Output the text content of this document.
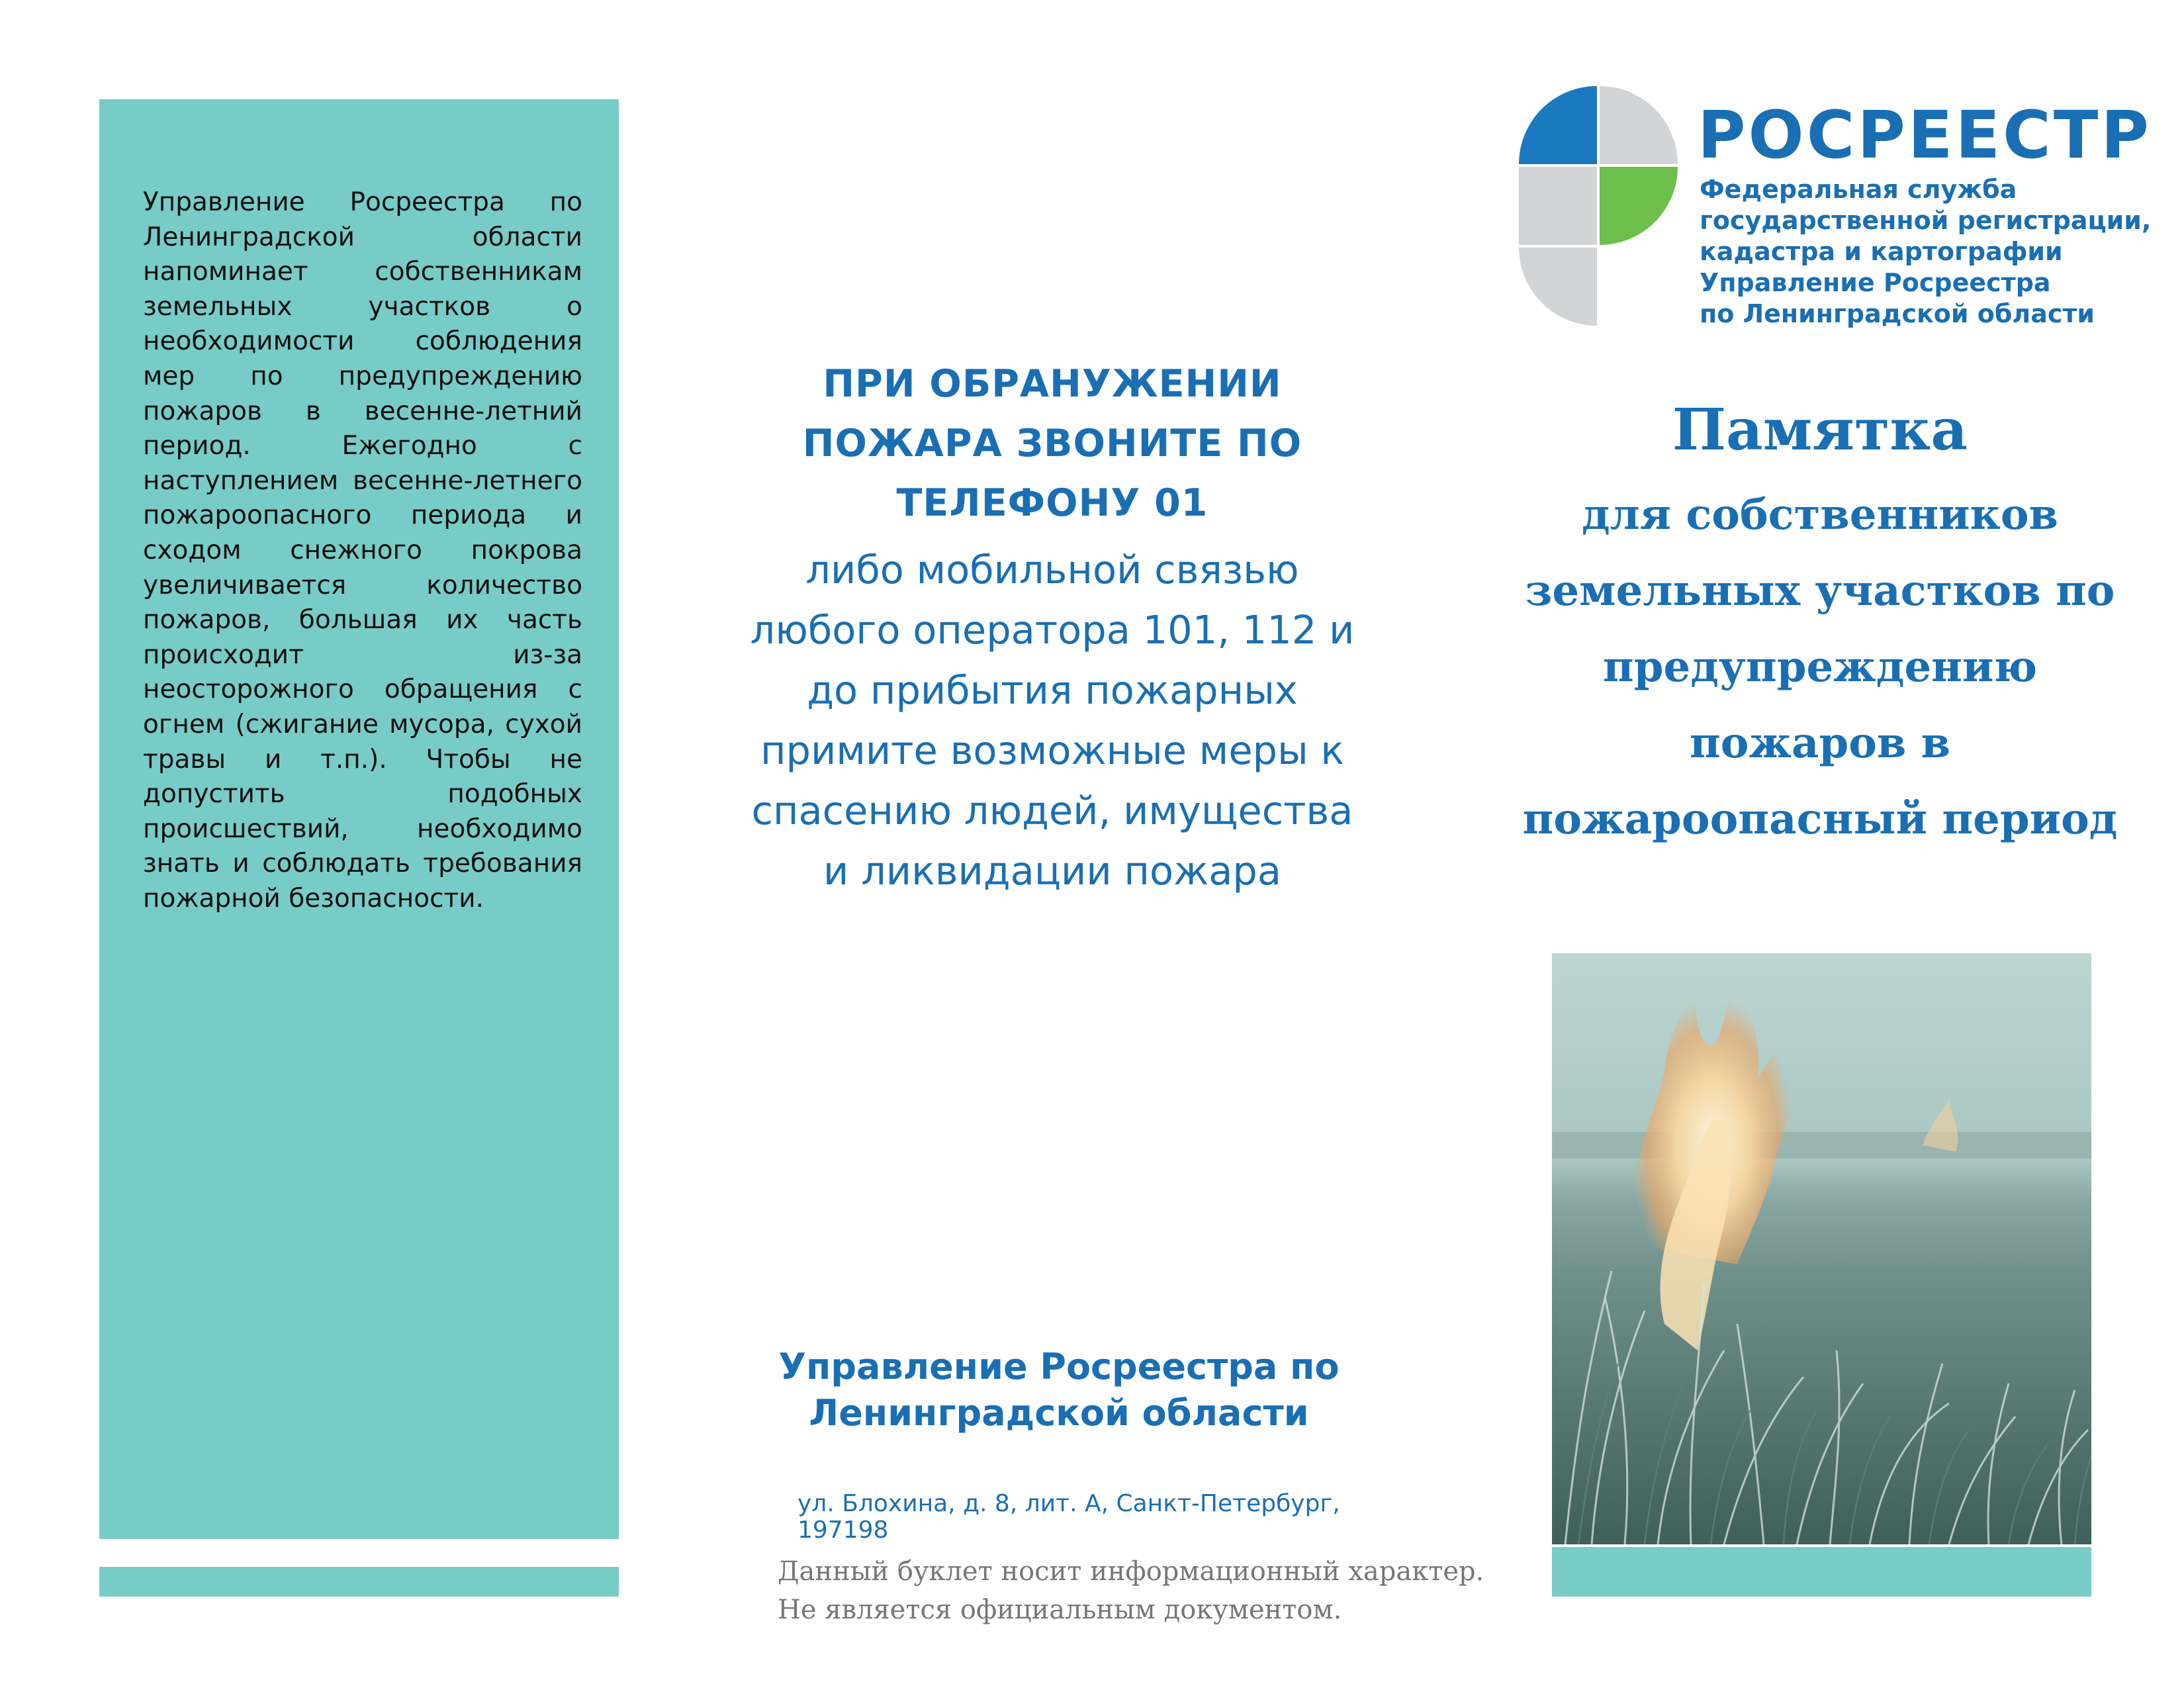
Управление Росреестра по Ленинградской области напоминает собственникам земельных участков о необходимости соблюдения мер по предупреждению пожаров в весенне-летний период. Ежегодно с наступлением весенне-летнего пожароопасного периода и сходом снежного покрова увеличивается количество пожаров, большая их часть происходит из-за неосторожного обращения с огнем (сжигание мусора, сухой травы и т.п.). Чтобы не допустить подобных происшествий, необходимо знать и соблюдать требования пожарной безопасности.
ПРИ ОБРАНУЖЕНИИ ПОЖАРА ЗВОНИТЕ ПО ТЕЛЕФОНУ 01
либо мобильной связью любого оператора 101, 112 и до прибытия пожарных примите возможные меры к спасению людей, имущества и ликвидации пожара
Управление Росреестра по Ленинградской области
ул. Блохина, д. 8, лит. А, Санкт-Петербург, 197198
Данный буклет носит информационный характер. Не является официальным документом.
РОСРЕЕСТР
Федеральная служба
государственной регистрации,
кадастра и картографии
Управление Росреестра
по Ленинградской области
Памятка
для собственников земельных участков по предупреждению пожаров в пожароопасный период
